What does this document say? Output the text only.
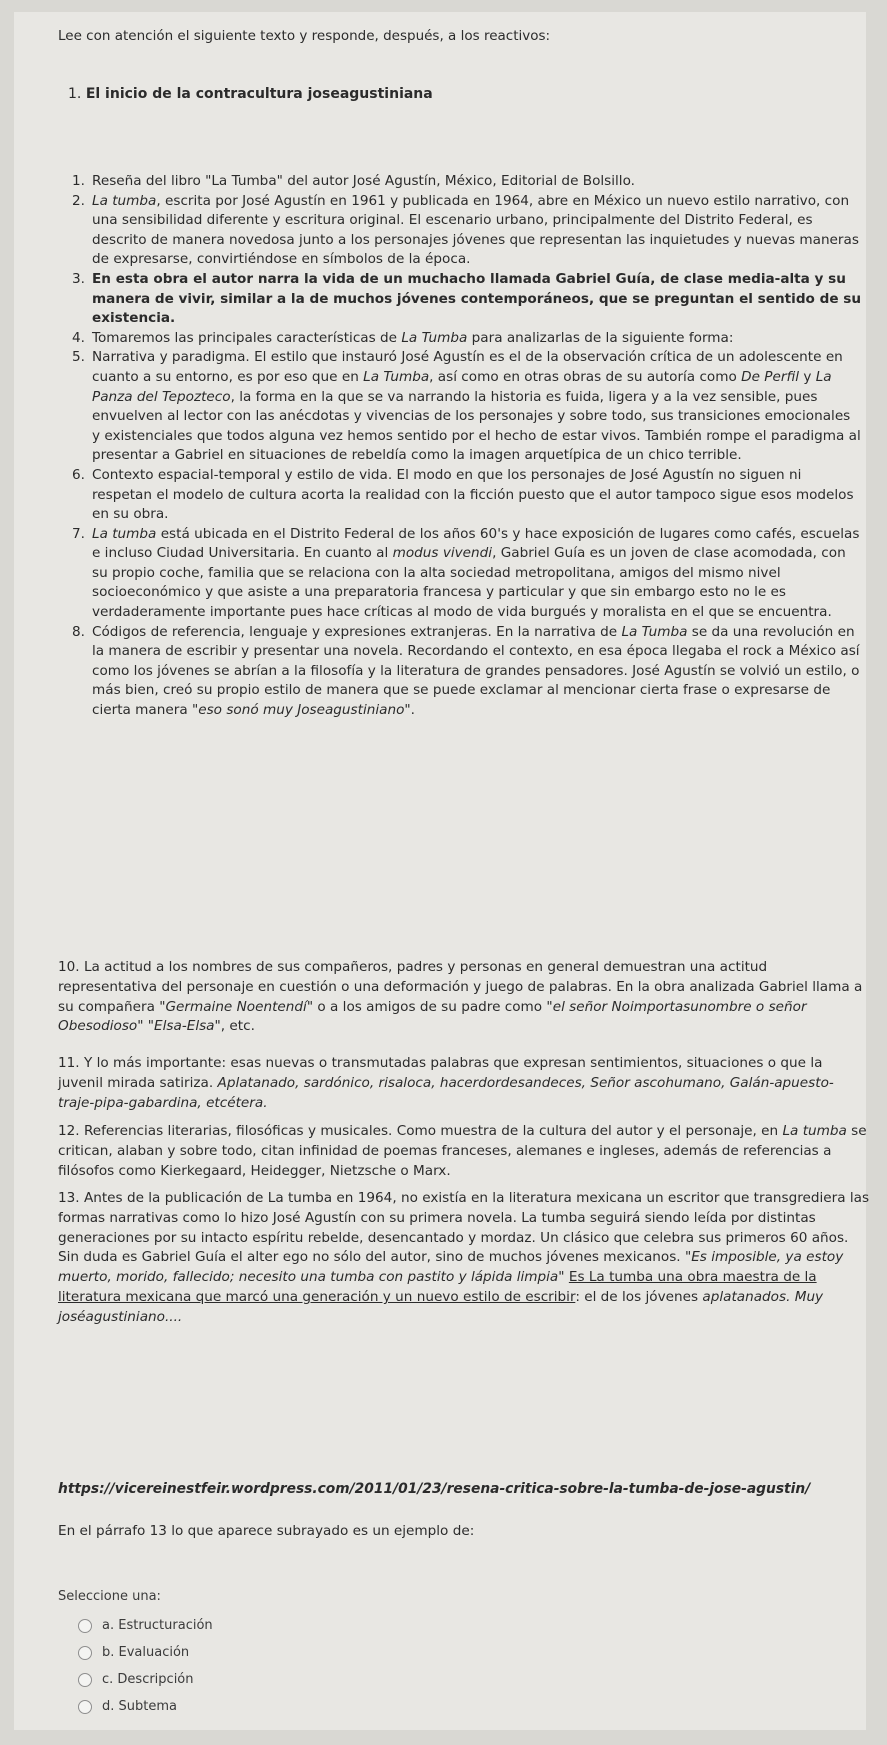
Lee con atención el siguiente texto y responde, después, a los reactivos:
1. El inicio de la contracultura joseagustiniana
1. Reseña del libro "La Tumba" del autor José Agustín, México, Editorial de Bolsillo.
2. La tumba, escrita por José Agustín en 1961 y publicada en 1964, abre en México un nuevo estilo narrativo, con una sensibilidad diferente y escritura original. El escenario urbano, principalmente del Distrito Federal, es descrito de manera novedosa junto a los personajes jóvenes que representan las inquietudes y nuevas maneras de expresarse, convirtiéndose en símbolos de la época.
3. En esta obra el autor narra la vida de un muchacho llamada Gabriel Guía, de clase media-alta y su manera de vivir, similar a la de muchos jóvenes contemporáneos, que se preguntan el sentido de su existencia.
4. Tomaremos las principales características de La Tumba para analizarlas de la siguiente forma:
5. Narrativa y paradigma. El estilo que instauró José Agustín es el de la observación crítica de un adolescente en cuanto a su entorno, es por eso que en La Tumba, así como en otras obras de su autoría como De Perfil y La Panza del Tepozteco, la forma en la que se va narrando la historia es fuida, ligera y a la vez sensible, pues envuelven al lector con las anécdotas y vivencias de los personajes y sobre todo, sus transiciones emocionales y existenciales que todos alguna vez hemos sentido por el hecho de estar vivos. También rompe el paradigma al presentar a Gabriel en situaciones de rebeldía como la imagen arquetípica de un chico terrible.
6. Contexto espacial-temporal y estilo de vida. El modo en que los personajes de José Agustín no siguen ni respetan el modelo de cultura acorta la realidad con la ficción puesto que el autor tampoco sigue esos modelos en su obra.
7. La tumba está ubicada en el Distrito Federal de los años 60's y hace exposición de lugares como cafés, escuelas e incluso Ciudad Universitaria. En cuanto al modus vivendi, Gabriel Guía es un joven de clase acomodada, con su propio coche, familia que se relaciona con la alta sociedad metropolitana, amigos del mismo nivel socioeconómico y que asiste a una preparatoria francesa y particular y que sin embargo esto no le es verdaderamente importante pues hace críticas al modo de vida burgués y moralista en el que se encuentra.
8. Códigos de referencia, lenguaje y expresiones extranjeras. En la narrativa de La Tumba se da una revolución en la manera de escribir y presentar una novela. Recordando el contexto, en esa época llegaba el rock a México así como los jóvenes se abrían a la filosofía y la literatura de grandes pensadores. José Agustín se volvió un estilo, o más bien, creó su propio estilo de manera que se puede exclamar al mencionar cierta frase o expresarse de cierta manera "eso sonó muy Joseagustiniano".
10. La actitud a los nombres de sus compañeros, padres y personas en general demuestran una actitud representativa del personaje en cuestión o una deformación y juego de palabras. En la obra analizada Gabriel llama a su compañera "Germaine Noentendí" o a los amigos de su padre como "el señor Noimportasunombre o señor Obesodioso" "Elsa-Elsa", etc.
11. Y lo más importante: esas nuevas o transmutadas palabras que expresan sentimientos, situaciones o que la juvenil mirada satiriza. Aplatanado, sardónico, risaloca, hacerdordesandeces, Señor ascohumano, Galán-apuesto-traje-pipa-gabardina, etcétera.
12. Referencias literarias, filosóficas y musicales. Como muestra de la cultura del autor y el personaje, en La tumba se critican, alaban y sobre todo, citan infinidad de poemas franceses, alemanes e ingleses, además de referencias a filósofos como Kierkegaard, Heidegger, Nietzsche o Marx.
13. Antes de la publicación de La tumba en 1964, no existía en la literatura mexicana un escritor que transgrediera las formas narrativas como lo hizo José Agustín con su primera novela. La tumba seguirá siendo leída por distintas generaciones por su intacto espíritu rebelde, desencantado y mordaz. Un clásico que celebra sus primeros 60 años. Sin duda es Gabriel Guía el alter ego no sólo del autor, sino de muchos jóvenes mexicanos. "Es imposible, ya estoy muerto, morido, fallecido; necesito una tumba con pastito y lápida limpia" Es La tumba una obra maestra de la literatura mexicana que marcó una generación y un nuevo estilo de escribir: el de los jóvenes aplatanados. Muy joséagustiniano....
https://vicereinestfeir.wordpress.com/2011/01/23/resena-critica-sobre-la-tumba-de-jose-agustin/
En el párrafo 13 lo que aparece subrayado es un ejemplo de:
Seleccione una:
a. Estructuración
b. Evaluación
c. Descripción
d. Subtema
